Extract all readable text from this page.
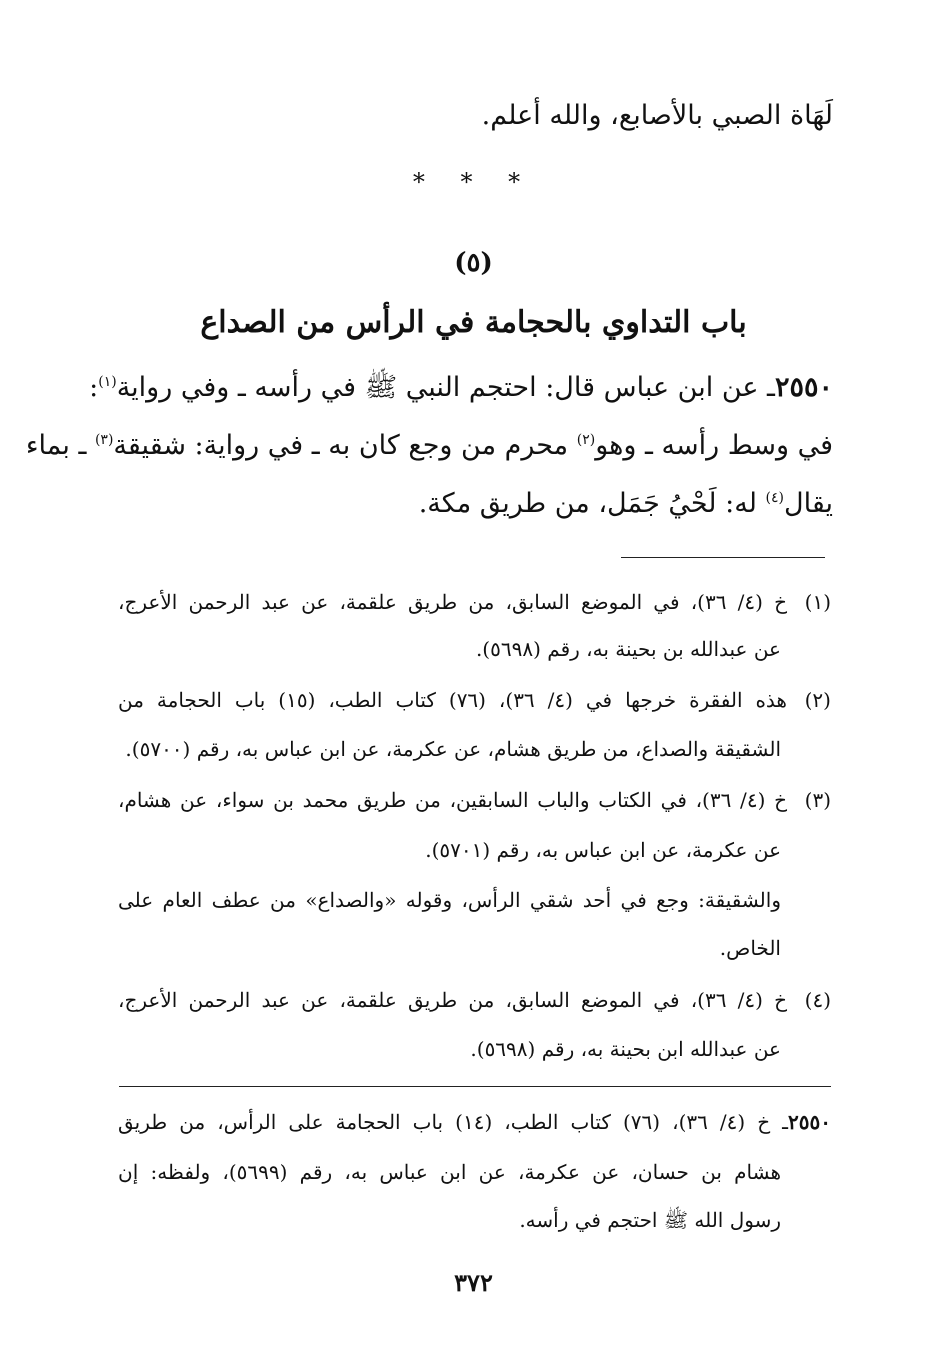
لَهَاة الصبي بالأصابع، والله أعلم.
* * *
(٥)
باب التداوي بالحجامة في الرأس من الصداع
٢٥٥٠ـ عن ابن عباس قال: احتجم النبي ﷺ في رأسه ـ وفي رواية$^{(١)}$:
في وسط رأسه ـ وهو$^{(٢)}$ محرم من وجع كان به ـ في رواية: شقيقة$^{(٣)}$ ـ بماء
يقال$^{(٤)}$ له: لَحْيُ جَمَل، من طريق مكة.
(١)خ (٤/ ٣٦)، في الموضع السابق، من طريق علقمة، عن عبد الرحمن الأعرج،
عن عبدالله بن بحينة به، رقم (٥٦٩٨).
(٢)هذه الفقرة خرجها في (٤/ ٣٦)، (٧٦) كتاب الطب، (١٥) باب الحجامة من
الشقيقة والصداع، من طريق هشام، عن عكرمة، عن ابن عباس به، رقم (٥٧٠٠).
(٣)خ (٤/ ٣٦)، في الكتاب والباب السابقين، من طريق محمد بن سواء، عن هشام،
عن عكرمة، عن ابن عباس به، رقم (٥٧٠١).
والشقيقة: وجع في أحد شقي الرأس، وقوله «والصداع» من عطف العام على
الخاص.
(٤)خ (٤/ ٣٦)، في الموضع السابق، من طريق علقمة، عن عبد الرحمن الأعرج،
عن عبدالله ابن بحينة به، رقم (٥٦٩٨).
٢٥٥٠ـ خ (٤/ ٣٦)، (٧٦) كتاب الطب، (١٤) باب الحجامة على الرأس، من طريق
هشام بن حسان، عن عكرمة، عن ابن عباس به، رقم (٥٦٩٩)، ولفظه: إن
رسول الله ﷺ احتجم في رأسه.
٣٧٢
